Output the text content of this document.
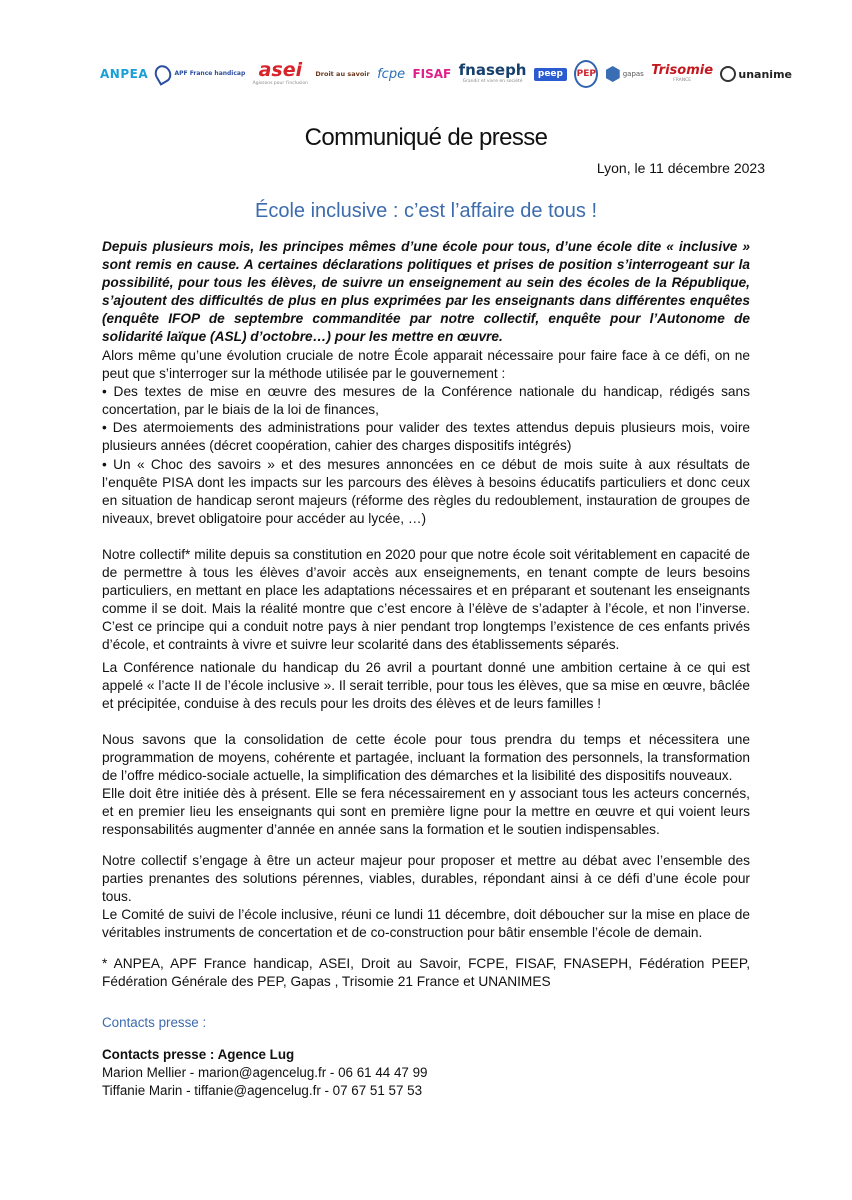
ANPEA	APF France handicap asei
Agissons pour l'inclusion
Droit au savoir fcpe FISAF fnaseph
Grandir et vivre en société
peep	PEP	gapas Trisomie
FRANCE
unanime
Communiqué de presse
Lyon, le 11 décembre 2023
École inclusive : c’est l’affaire de tous !

Depuis plusieurs mois, les principes mêmes d’une école pour tous, d’une école dite « inclusive » sont remis en cause. A certaines déclarations politiques et prises de position s’interrogeant sur la possibilité, pour tous les élèves, de suivre un enseignement au sein des écoles de la République, s’ajoutent des difficultés de plus en plus exprimées par les enseignants dans différentes enquêtes (enquête IFOP de septembre commanditée par notre collectif, enquête pour l’Autonome de solidarité laïque (ASL) d’octobre…) pour les mettre en œuvre.

Alors même qu’une évolution cruciale de notre École apparait nécessaire pour faire face à ce défi, on ne peut que s’interroger sur la méthode utilisée par le gouvernement :

• Des textes de mise en œuvre des mesures de la Conférence nationale du handicap, rédigés sans concertation, par le biais de la loi de finances,

• Des atermoiements des administrations pour valider des textes attendus depuis plusieurs mois, voire plusieurs années (décret coopération, cahier des charges dispositifs intégrés)

• Un « Choc des savoirs » et des mesures annoncées en ce début de mois suite à aux résultats de l’enquête PISA dont les impacts sur les parcours des élèves à besoins éducatifs particuliers et donc ceux en situation de handicap seront majeurs (réforme des règles du redoublement, instauration de groupes de niveaux, brevet obligatoire pour accéder au lycée, …)

Notre collectif* milite depuis sa constitution en 2020 pour que notre école soit véritablement en capacité de de permettre à tous les élèves d’avoir accès aux enseignements, en tenant compte de leurs besoins particuliers, en mettant en place les adaptations nécessaires et en préparant et soutenant les enseignants comme il se doit. Mais la réalité montre que c’est encore à l’élève de s’adapter à l’école, et non l’inverse. C’est ce principe qui a conduit notre pays à nier pendant trop longtemps l’existence de ces enfants privés d’école, et contraints à vivre et suivre leur scolarité dans des établissements séparés.

La Conférence nationale du handicap du 26 avril a pourtant donné une ambition certaine à ce qui est appelé « l’acte II de l’école inclusive ». Il serait terrible, pour tous les élèves, que sa mise en œuvre, bâclée et précipitée, conduise à des reculs pour les droits des élèves et de leurs familles !

Nous savons que la consolidation de cette école pour tous prendra du temps et nécessitera une programmation de moyens, cohérente et partagée, incluant la formation des personnels, la transformation de l’offre médico-sociale actuelle, la simplification des démarches et la lisibilité des dispositifs nouveaux.

Elle doit être initiée dès à présent. Elle se fera nécessairement en y associant tous les acteurs concernés, et en premier lieu les enseignants qui sont en première ligne pour la mettre en œuvre et qui voient leurs responsabilités augmenter d’année en année sans la formation et le soutien indispensables.

Notre collectif s’engage à être un acteur majeur pour proposer et mettre au débat avec l’ensemble des parties prenantes des solutions pérennes, viables, durables, répondant ainsi à ce défi d’une école pour tous.

Le Comité de suivi de l’école inclusive, réuni ce lundi 11 décembre, doit déboucher sur la mise en place de véritables instruments de concertation et de co-construction pour bâtir ensemble l’école de demain.

* ANPEA, APF France handicap, ASEI, Droit au Savoir, FCPE, FISAF, FNASEPH, Fédération PEEP, Fédération Générale des PEP, Gapas , Trisomie 21 France et UNANIMES

Contacts presse :
Contacts presse : Agence Lug
Marion Mellier - marion@agencelug.fr - 06 61 44 47 99
Tiffanie Marin - tiffanie@agencelug.fr - 07 67 51 57 53
